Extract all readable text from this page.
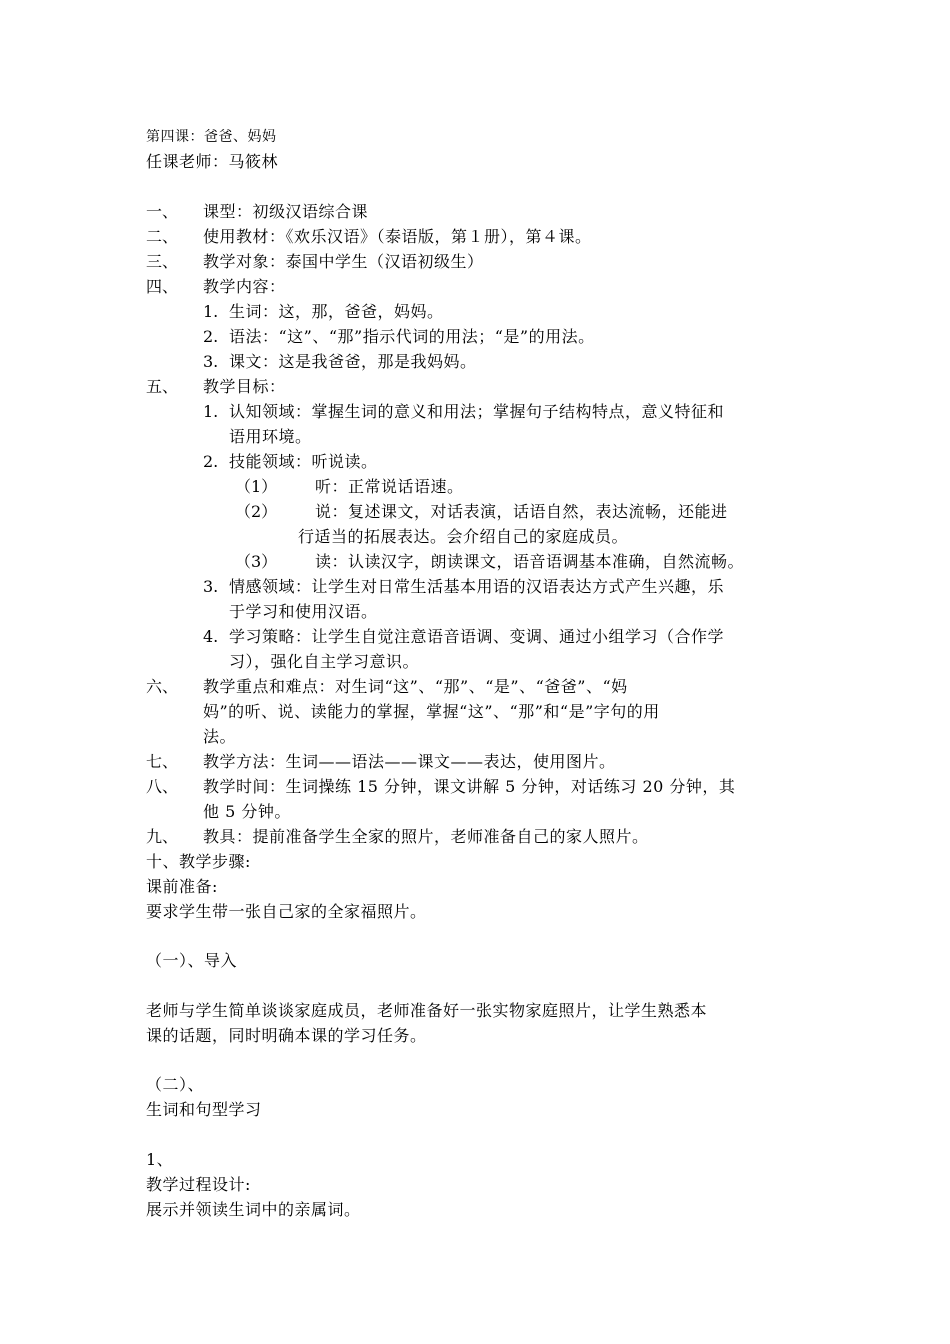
第四课：爸爸、妈妈
任课老师：马筱林
一、 课型：初级汉语综合课
二、 使用教材：《欢乐汉语》（泰语版，第１册），第４课。
三、 教学对象：泰国中学生（汉语初级生）
四、 教学内容：
1. 生词：这，那，爸爸，妈妈。
2. 语法：“这”、“那”指示代词的用法；“是”的用法。
3. 课文：这是我爸爸，那是我妈妈。
五、 教学目标：
1. 认知领域：掌握生词的意义和用法；掌握句子结构特点，意义特征和
语用环境。
2. 技能领域：听说读。
（1） 听：正常说话语速。
（2） 说：复述课文，对话表演，话语自然，表达流畅，还能进
行适当的拓展表达。会介绍自己的家庭成员。
（3） 读：认读汉字，朗读课文，语音语调基本准确，自然流畅。
3. 情感领域：让学生对日常生活基本用语的汉语表达方式产生兴趣，乐
于学习和使用汉语。
4. 学习策略：让学生自觉注意语音语调、变调、通过小组学习（合作学
习），强化自主学习意识。
六、 教学重点和难点：对生词“这”、“那”、“是”、“爸爸”、“妈
妈”的听、说、读能力的掌握，掌握“这”、“那”和“是”字句的用
法。
七、 教学方法：生词——语法——课文——表达，使用图片。
八、 教学时间：生词操练 15 分钟，课文讲解 5 分钟，对话练习 20 分钟，其
他 5 分钟。
九、 教具：提前准备学生全家的照片，老师准备自己的家人照片。
十、教学步骤:
课前准备:
要求学生带一张自己家的全家福照片。
（一）、导入
老师与学生简单谈谈家庭成员，老师准备好一张实物家庭照片，让学生熟悉本
课的话题，同时明确本课的学习任务。
（二）、
生词和句型学习
1、
教学过程设计:
展示并领读生词中的亲属词。
